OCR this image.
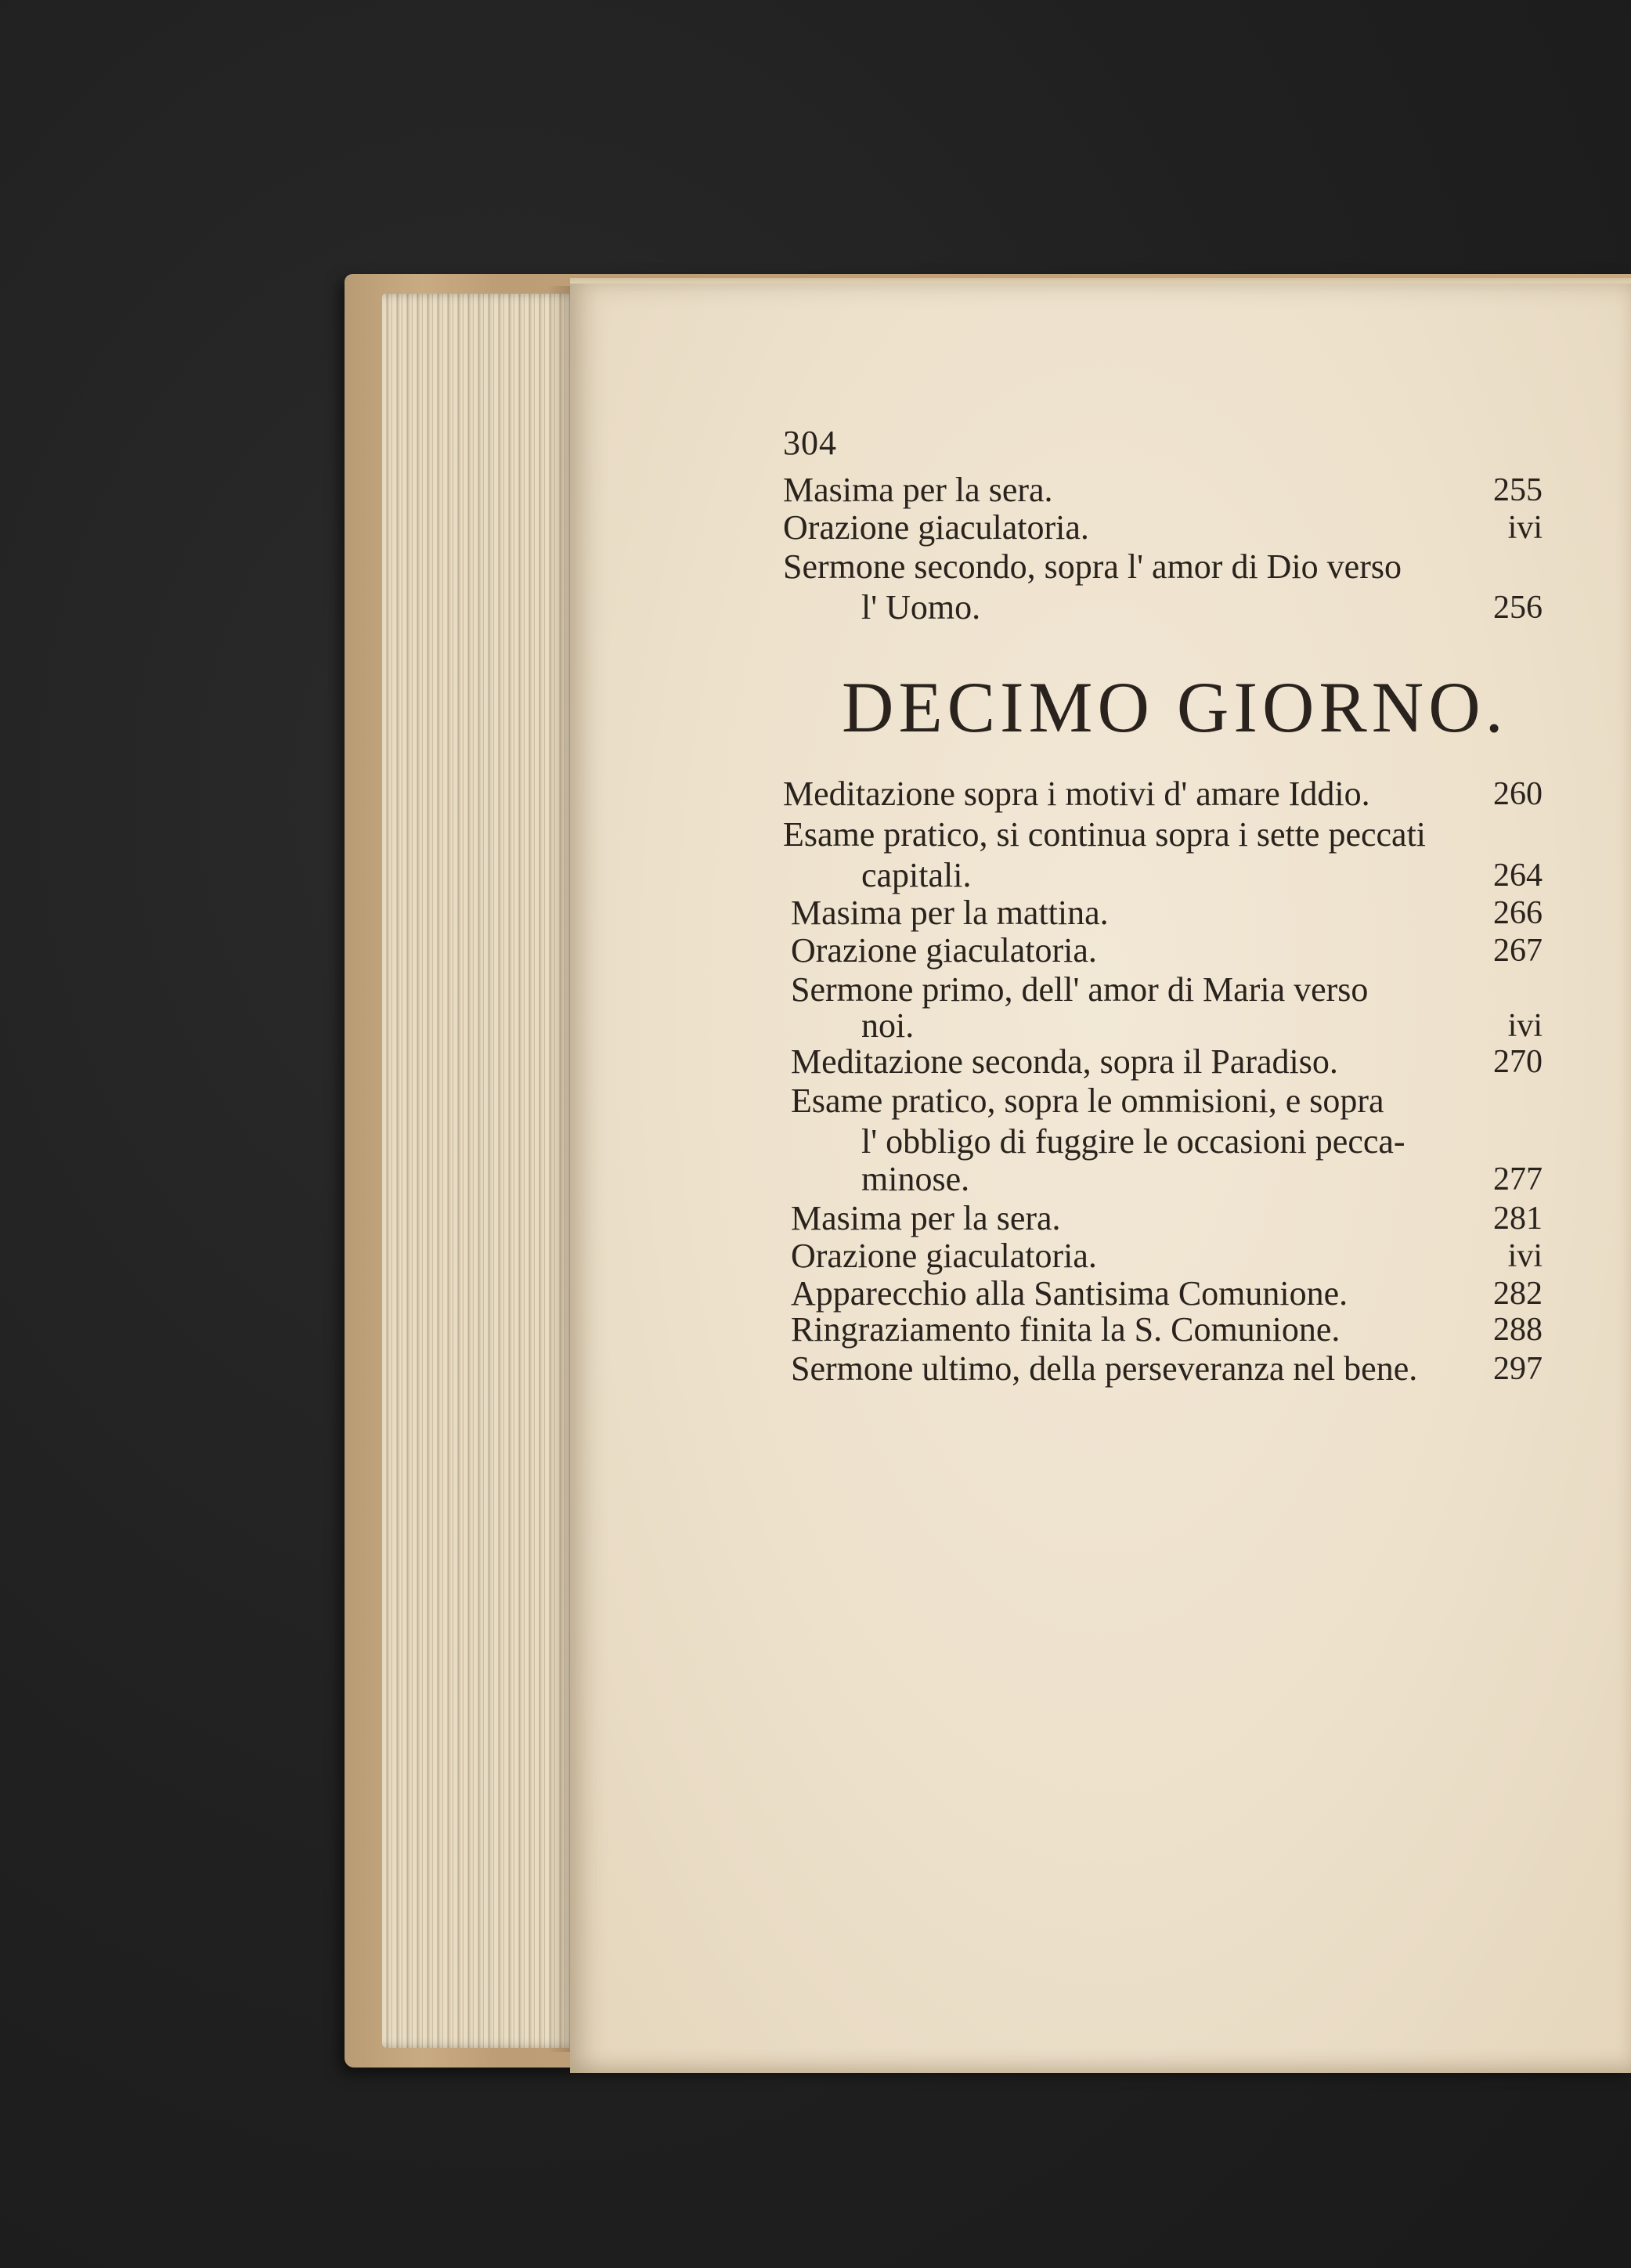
304
Masima per la sera.	255
Orazione giaculatoria.	ivi
Sermone secondo, sopra l' amor di Dio verso
l' Uomo.	256
DECIMO GIORNO.
Meditazione sopra i motivi d' amare Iddio.	260
Esame pratico, si continua sopra i sette peccati
capitali.	264
Masima per la mattina.	266
Orazione giaculatoria.	267
Sermone primo, dell' amor di Maria verso
noi.	ivi
Meditazione seconda, sopra il Paradiso.	270
Esame pratico, sopra le ommisioni, e sopra
l' obbligo di fuggire le occasioni pecca-
minose.	277
Masima per la sera.	281
Orazione giaculatoria.	ivi
Apparecchio alla Santisima Comunione.	282
Ringraziamento finita la S. Comunione.	288
Sermone ultimo, della perseveranza nel bene.	297
